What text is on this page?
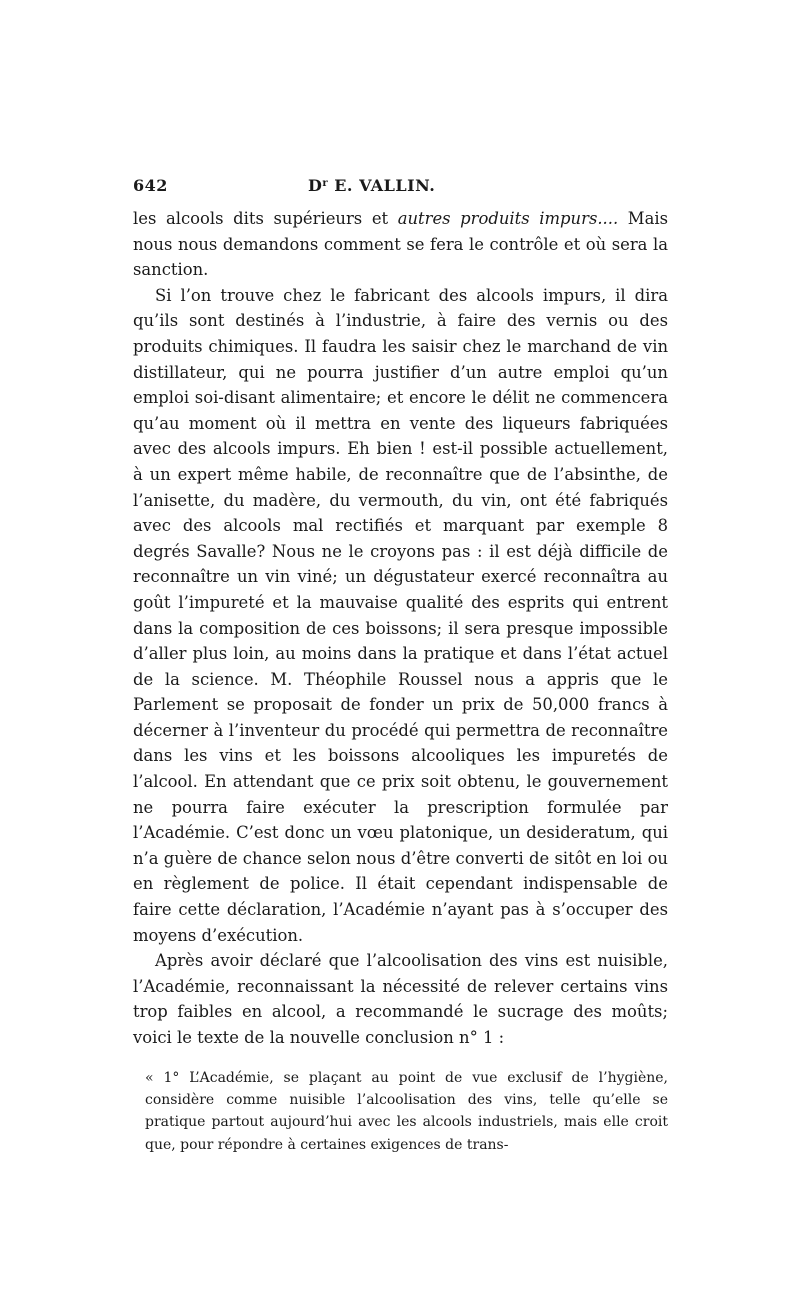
642	$D^r$ E. VALLIN.

les alcools dits supérieurs et autres produits impurs.... Mais nous nous demandons comment se fera le contrôle et où sera la sanction.

Si l’on trouve chez le fabricant des alcools impurs, il dira qu’ils sont destinés à l’industrie, à faire des vernis ou des produits chimiques. Il faudra les saisir chez le marchand de vin distillateur, qui ne pourra justifier d’un autre emploi qu’un emploi soi-disant alimentaire; et encore le délit ne commencera qu’au moment où il mettra en vente des liqueurs fabriquées avec des alcools impurs. Eh bien ! est-il possible actuellement, à un expert même habile, de reconnaître que de l’absinthe, de l’anisette, du madère, du vermouth, du vin, ont été fabriqués avec des alcools mal rectifiés et marquant par exemple 8 degrés Savalle? Nous ne le croyons pas : il est déjà difficile de reconnaître un vin viné; un dégustateur exercé reconnaîtra au goût l’impureté et la mauvaise qualité des esprits qui entrent dans la composition de ces boissons; il sera presque impossible d’aller plus loin, au moins dans la pratique et dans l’état actuel de la science. M. Théophile Roussel nous a appris que le Parlement se proposait de fonder un prix de 50,000 francs à décerner à l’inventeur du procédé qui permettra de reconnaître dans les vins et les boissons alcooliques les impuretés de l’alcool. En attendant que ce prix soit obtenu, le gouvernement ne pourra faire exécuter la prescription formulée par l’Académie. C’est donc un vœu platonique, un desideratum, qui n’a guère de chance selon nous d’être converti de sitôt en loi ou en règlement de police. Il était cependant indispensable de faire cette déclaration, l’Académie n’ayant pas à s’occuper des moyens d’exécution.

Après avoir déclaré que l’alcoolisation des vins est nuisible, l’Académie, reconnaissant la nécessité de relever certains vins trop faibles en alcool, a recommandé le sucrage des moûts; voici le texte de la nouvelle conclusion n° 1 :

« 1° L’Académie, se plaçant au point de vue exclusif de l’hygiène, considère comme nuisible l’alcoolisation des vins, telle qu’elle se pratique partout aujourd’hui avec les alcools industriels, mais elle croit que, pour répondre à certaines exigences de trans-
